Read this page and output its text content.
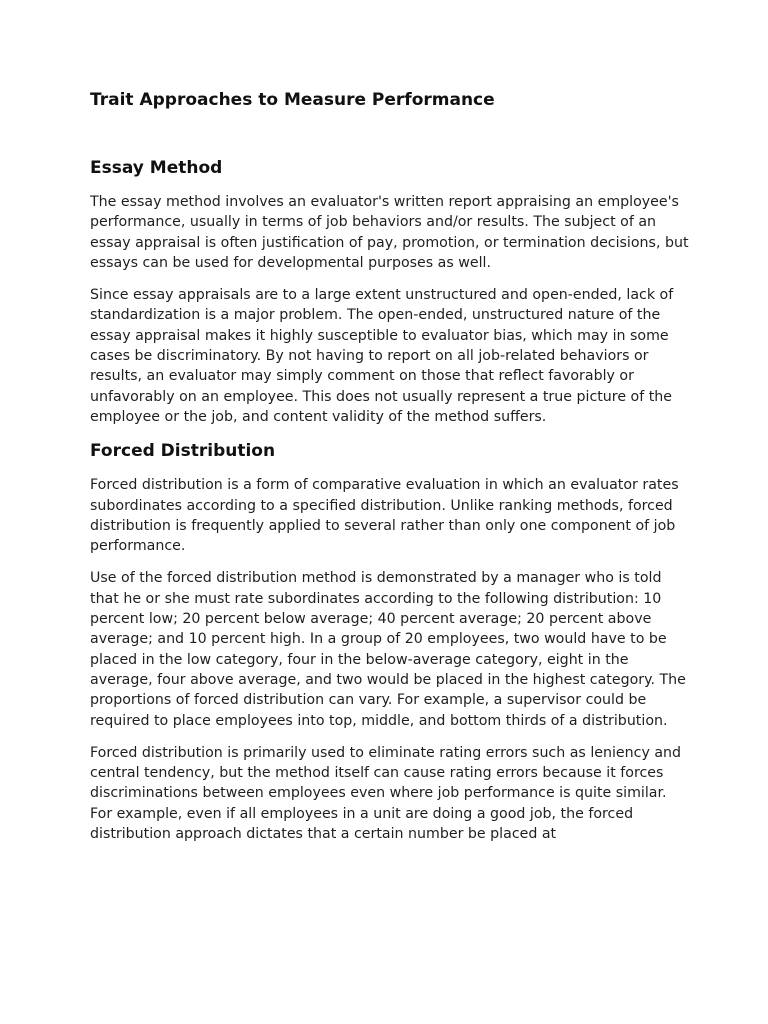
Trait Approaches to Measure Performance
Essay Method

The essay method involves an evaluator's written report appraising an employee's performance, usually in terms of job behaviors and/or results. The subject of an essay appraisal is often justification of pay, promotion, or termination decisions, but essays can be used for developmental purposes as well.

Since essay appraisals are to a large extent unstructured and open-ended, lack of standardization is a major problem. The open-ended, unstructured nature of the essay appraisal makes it highly susceptible to evaluator bias, which may in some cases be discriminatory. By not having to report on all job-related behaviors or results, an evaluator may simply comment on those that reflect favorably or unfavorably on an employee. This does not usually represent a true picture of the employee or the job, and content validity of the method suffers.

Forced Distribution

Forced distribution is a form of comparative evaluation in which an evaluator rates subordinates according to a specified distribution. Unlike ranking methods, forced distribution is frequently applied to several rather than only one component of job performance.

Use of the forced distribution method is demonstrated by a manager who is told that he or she must rate subordinates according to the following distribution: 10 percent low; 20 percent below average; 40 percent average; 20 percent above average; and 10 percent high. In a group of 20 employees, two would have to be placed in the low category, four in the below-average category, eight in the average, four above average, and two would be placed in the highest category. The proportions of forced distribution can vary. For example, a supervisor could be required to place employees into top, middle, and bottom thirds of a distribution.

Forced distribution is primarily used to eliminate rating errors such as leniency and central tendency, but the method itself can cause rating errors because it forces discriminations between employees even where job performance is quite similar. For example, even if all employees in a unit are doing a good job, the forced distribution approach dictates that a certain number be placed at
